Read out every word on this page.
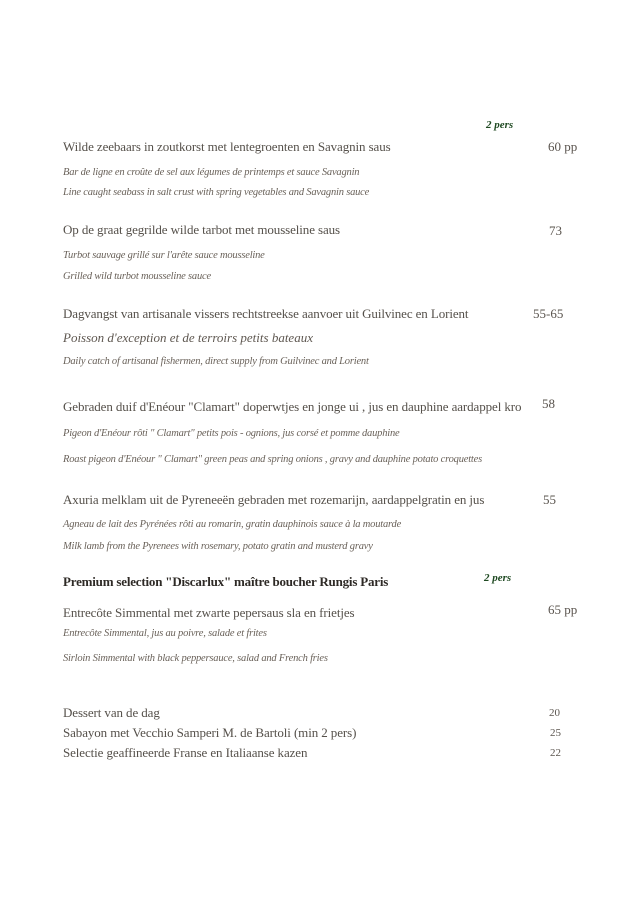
2 pers
Wilde zeebaars in zoutkorst met lentegroenten en Savagnin saus	60 pp
Bar de ligne en croûte de sel aux légumes de printemps et sauce Savagnin
Line caught seabass in salt crust with spring vegetables and Savagnin sauce
Op de graat gegrilde wilde tarbot met mousseline saus	73
Turbot sauvage grillé sur l'arête sauce mousseline
Grilled wild turbot mousseline sauce
Dagvangst van artisanale vissers rechtstreekse aanvoer uit Guilvinec en Lorient	55-65
Poisson d'exception et de terroirs petits bateaux
Daily catch of artisanal fishermen, direct supply from Guilvinec and Lorient
Gebraden duif d'Enéour "Clamart" doperwtjes en jonge ui , jus en dauphine aardappel kro	58
Pigeon d'Enéour rôti " Clamart" petits pois - ognions, jus corsé et pomme dauphine
Roast pigeon d'Enéour " Clamart" green peas and spring onions , gravy and dauphine potato croquettes
Axuria melklam uit de Pyreneeën gebraden met rozemarijn, aardappelgratin en jus	55
Agneau de lait des Pyrénées rôti au romarin, gratin dauphinois sauce à la moutarde
Milk lamb from the Pyrenees with rosemary, potato gratin and musterd gravy
Premium selection "Discarlux" maître boucher Rungis Paris	2 pers
Entrecôte Simmental met zwarte pepersaus sla en frietjes	65 pp
Entrecôte Simmental, jus au poivre, salade et frites
Sirloin Simmental with black peppersauce, salad and French fries
Dessert van de dag	20
Sabayon met Vecchio Samperi M. de Bartoli (min 2 pers)	25
Selectie geaffineerde Franse en Italiaanse kazen	22
